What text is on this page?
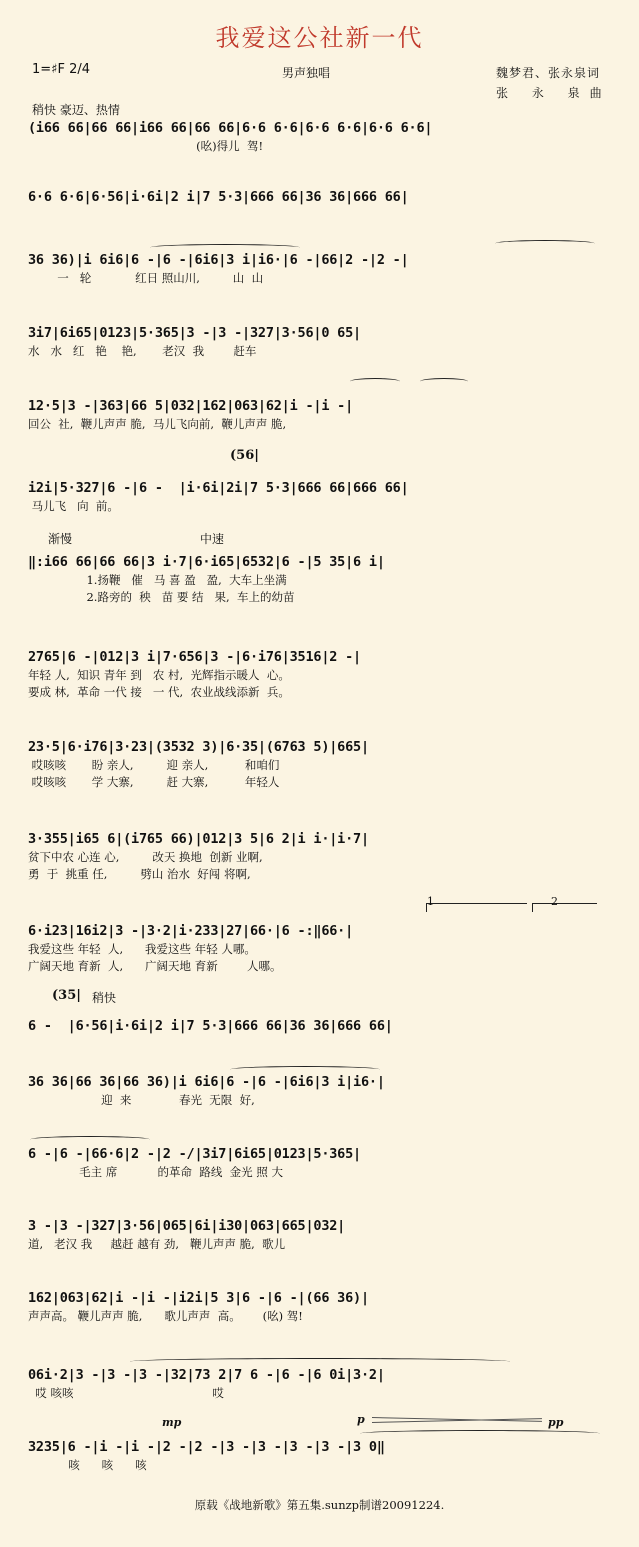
我爱这公社新一代
1=♯F 2/4	男声独唱	魏梦君、张永泉词
张 永 泉曲
稍快 豪迈、热情
(56|
渐慢	中速
(35| 稍快
mp	p	pp
1	2
(i66 66|66 66|i66 66|66 66|6·6 6·6|6·6 6·6|6·6 6·6|
(吆)得儿  驾!
6·6 6·6|6·56|i·6i|2 i|7 5·3|666 66|36 36|666 66|
36 36)|i 6i6|6 -|6 -|6i6|3 i|i6·|6 -|66|2 -|2 -|
一   轮            红日 照山川,         山  山
3i7|6i65|0123|5·365|3 -|3 -|327|3·56|0 65|
水   水   红   艳    艳,       老汉  我        赶车
12·5|3 -|363|66 5|032|162|063|62|i -|i -|
回公  社,  鞭儿声声 脆,  马儿飞向前,  鞭儿声声 脆,
i2i|5·327|6 -|6 -  |i·6i|2i|7 5·3|666 66|666 66|
马儿飞   向  前。
‖:i66 66|66 66|3 i·7|6·i65|6532|6 -|5 35|6 i|
1.扬鞭   催   马 喜 盈   盈,  大车上坐满
2.路旁的  秧   苗 要 结   果,  车上的幼苗
2765|6 -|012|3 i|7·656|3 -|6·i76|3516|2 -|
年轻 人,  知识 青年 到   农 村,  光辉指示暖人  心。
要成 林,  革命 一代 接   一 代,  农业战线添新  兵。
23·5|6·i76|3·23|(3532 3)|6·35|(6763 5)|665|
哎咳咳       盼 亲人,         迎 亲人,          和咱们
哎咳咳       学 大寨,         赶 大寨,          年轻人
3·355|i65 6|(i765 66)|012|3 5|6 2|i i·|i·7|
贫下中农 心连 心,         改天 换地  创新 业啊,
勇  于  挑重 任,         劈山 治水  好闯 将啊,
6·i23|16i2|3 -|3·2|i·233|27|66·|6 -:‖66·|
我爱这些 年轻  人,      我爱这些 年轻 人哪。
广阔天地 育新  人,      广阔天地 育新        人哪。
6 -  |6·56|i·6i|2 i|7 5·3|666 66|36 36|666 66|
36 36|66 36|66 36)|i 6i6|6 -|6 -|6i6|3 i|i6·|
迎  来             春光  无限  好,
6 -|6 -|66·6|2 -|2 -/|3i7|6i65|0123|5·365|
毛主 席           的革命  路线  金光 照 大
3 -|3 -|327|3·56|065|6i|i30|063|665|032|
道,   老汉 我     越赶 越有 劲,   鞭儿声声 脆,  歌儿
162|063|62|i -|i -|i2i|5 3|6 -|6 -|(66 36)|
声声高。 鞭儿声声 脆,      歌儿声声  高。      (吆) 驾!
06i·2|3 -|3 -|3 -|32|73 2|7 6 -|6 -|6 0i|3·2|
哎 咳咳                                      哎
3235|6 -|i -|i -|2 -|2 -|3 -|3 -|3 -|3 -|3 0‖
咳      咳      咳
原载《战地新歌》第五集.sunzp制谱20091224.
